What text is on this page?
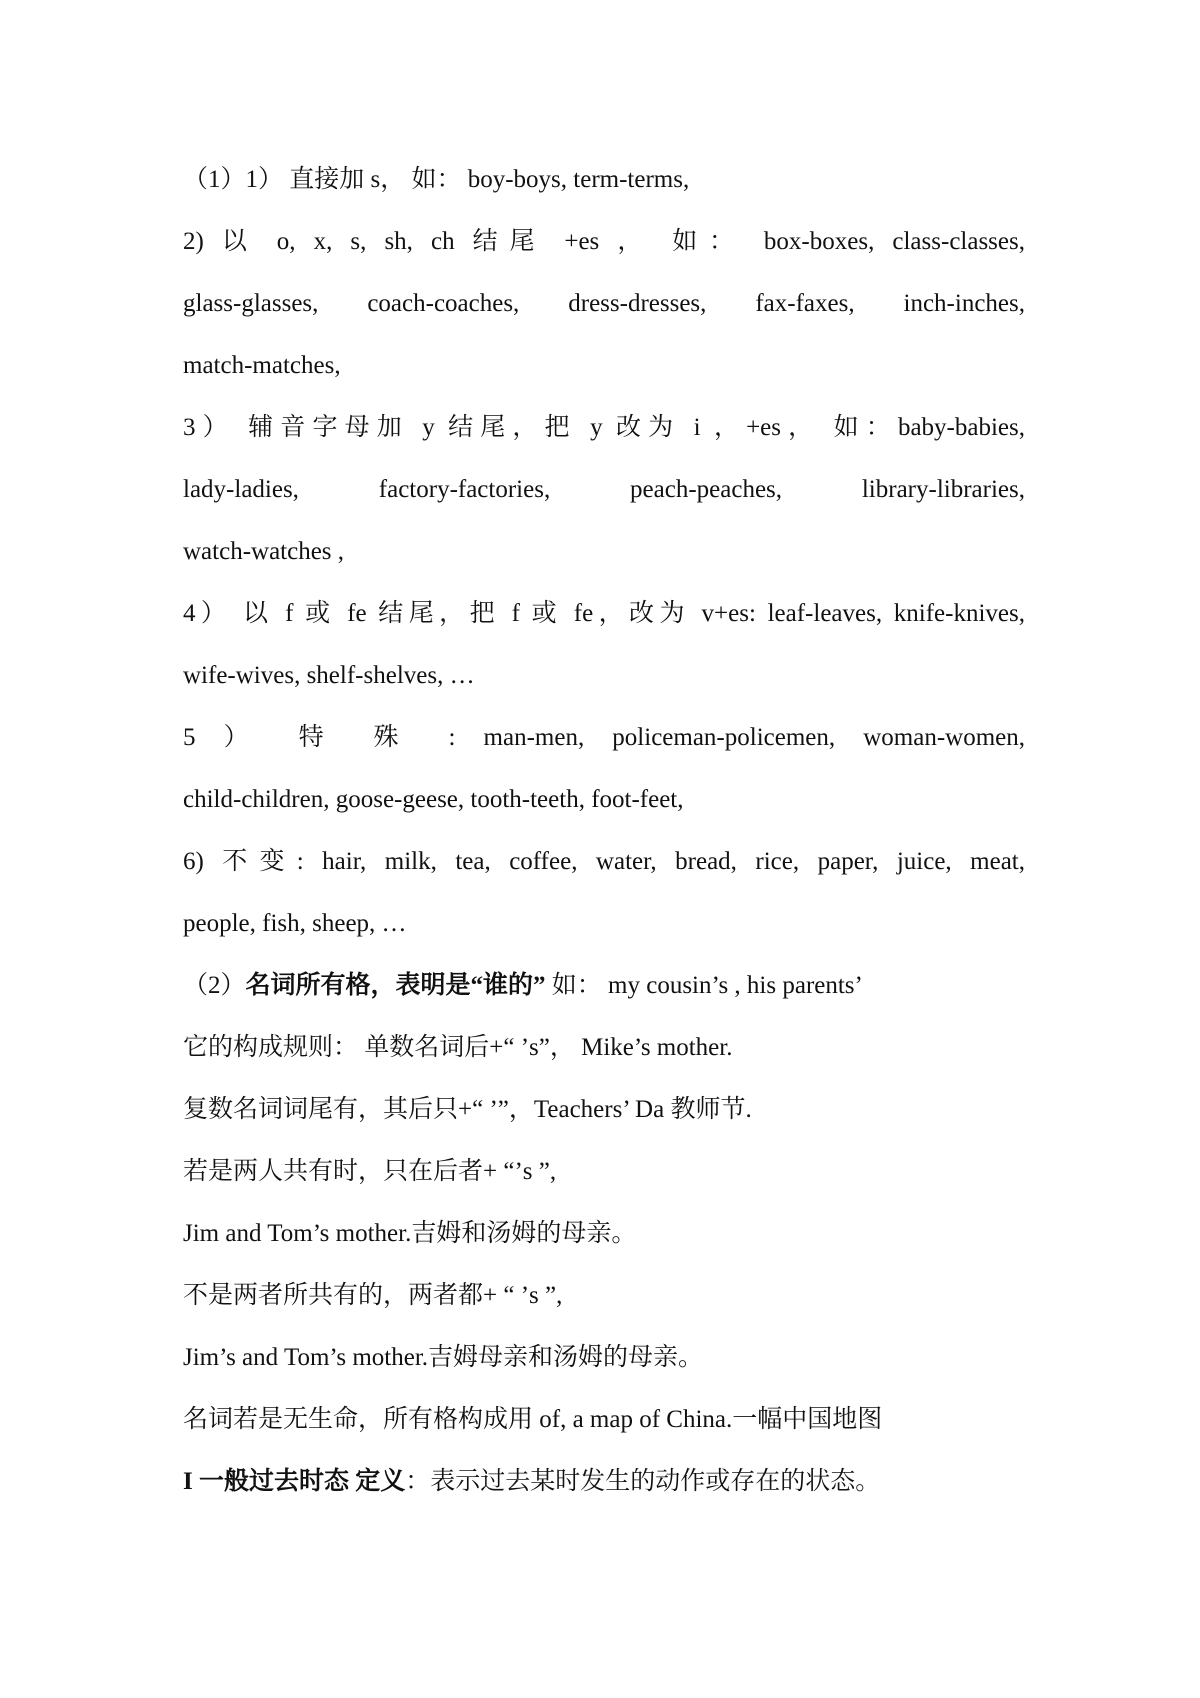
（1）1） 直接加 s， 如： boy-boys, term-terms,
2) 以 o, x, s, sh, ch 结尾 +es ， 如： box-boxes, class-classes,
glass-glasses, coach-coaches, dress-dresses, fax-faxes, inch-inches,
match-matches,
3） 辅音字母加 y 结尾，把 y 改为 i ，+es， 如：baby-babies,
lady-ladies, factory-factories, peach-peaches, library-libraries,
watch-watches ,
4） 以 f 或 fe 结尾，把 f 或 fe，改为 v+es: leaf-leaves, knife-knives,
wife-wives, shelf-shelves, …
5 ） 特 殊 : man-men, policeman-policemen, woman-women,
child-children, goose-geese, tooth-teeth, foot-feet,
6) 不变: hair, milk, tea, coffee, water, bread, rice, paper, juice, meat,
people, fish, sheep, …
（2）名词所有格，表明是“谁的” 如： my cousin’s , his parents’
它的构成规则： 单数名词后+“ ’s”， Mike’s mother.
复数名词词尾有，其后只+“ ’”，Teachers’ Da 教师节.
若是两人共有时，只在后者+ “’s ”,
Jim and Tom’s mother.吉姆和汤姆的母亲。
不是两者所共有的，两者都+ “ ’s ”,
Jim’s and Tom’s mother.吉姆母亲和汤姆的母亲。
名词若是无生命，所有格构成用 of, a map of China.一幅中国地图
I 一般过去时态 定义：表示过去某时发生的动作或存在的状态。
